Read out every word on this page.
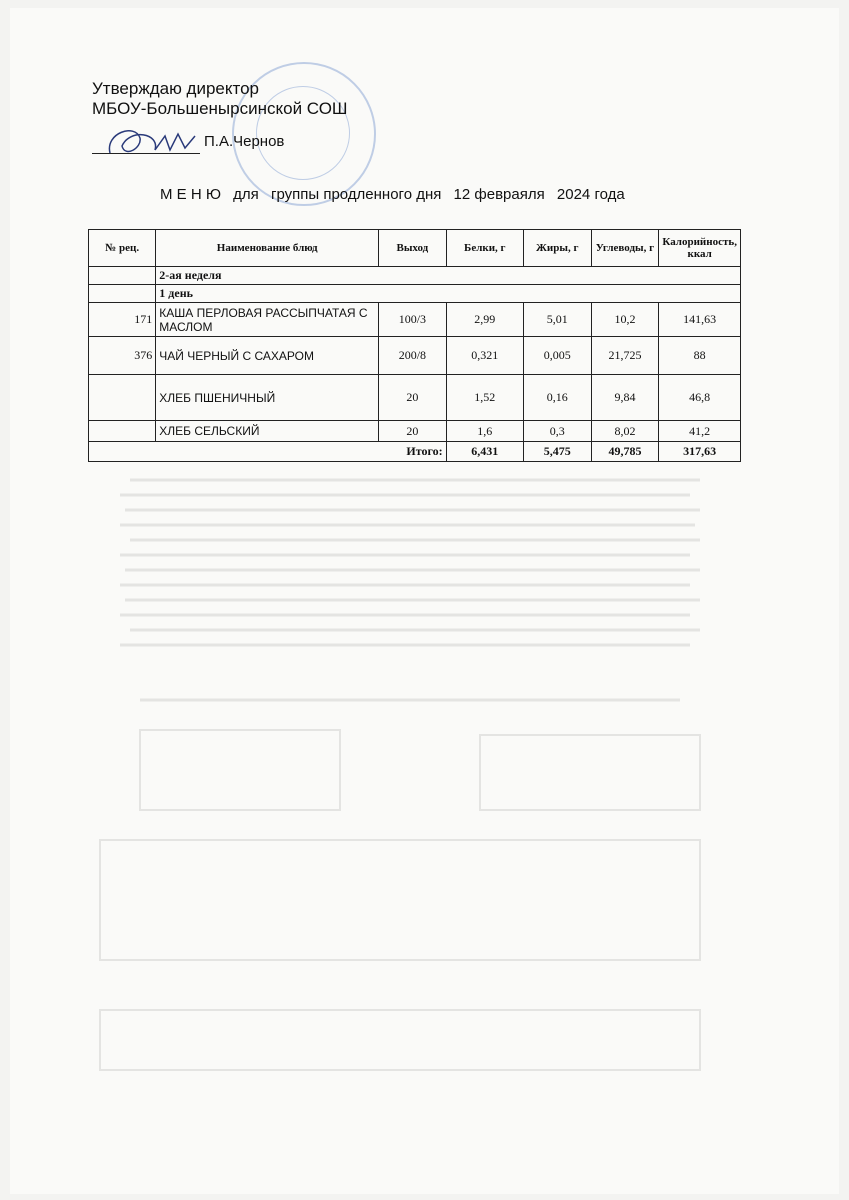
Утверждаю директор
МБОУ-Большенырсинской СОШ
П.А.Чернов
М Е Н Ю для группы продленного дня 12 февраяля 2024 года
№ рец.	Наименование блюд	Выход	Белки, г	Жиры, г	Углеводы, г	Калорийность, ккал
	2-ая неделя					
	1 день					
171	КАША ПЕРЛОВАЯ РАССЫПЧАТАЯ С МАСЛОМ	100/3	2,99	5,01	10,2	141,63
376	ЧАЙ ЧЕРНЫЙ С САХАРОМ	200/8	0,321	0,005	21,725	88
	ХЛЕБ ПШЕНИЧНЫЙ	20	1,52	0,16	9,84	46,8
	ХЛЕБ СЕЛЬСКИЙ	20	1,6	0,3	8,02	41,2
Итого:			6,431	5,475	49,785	317,63
